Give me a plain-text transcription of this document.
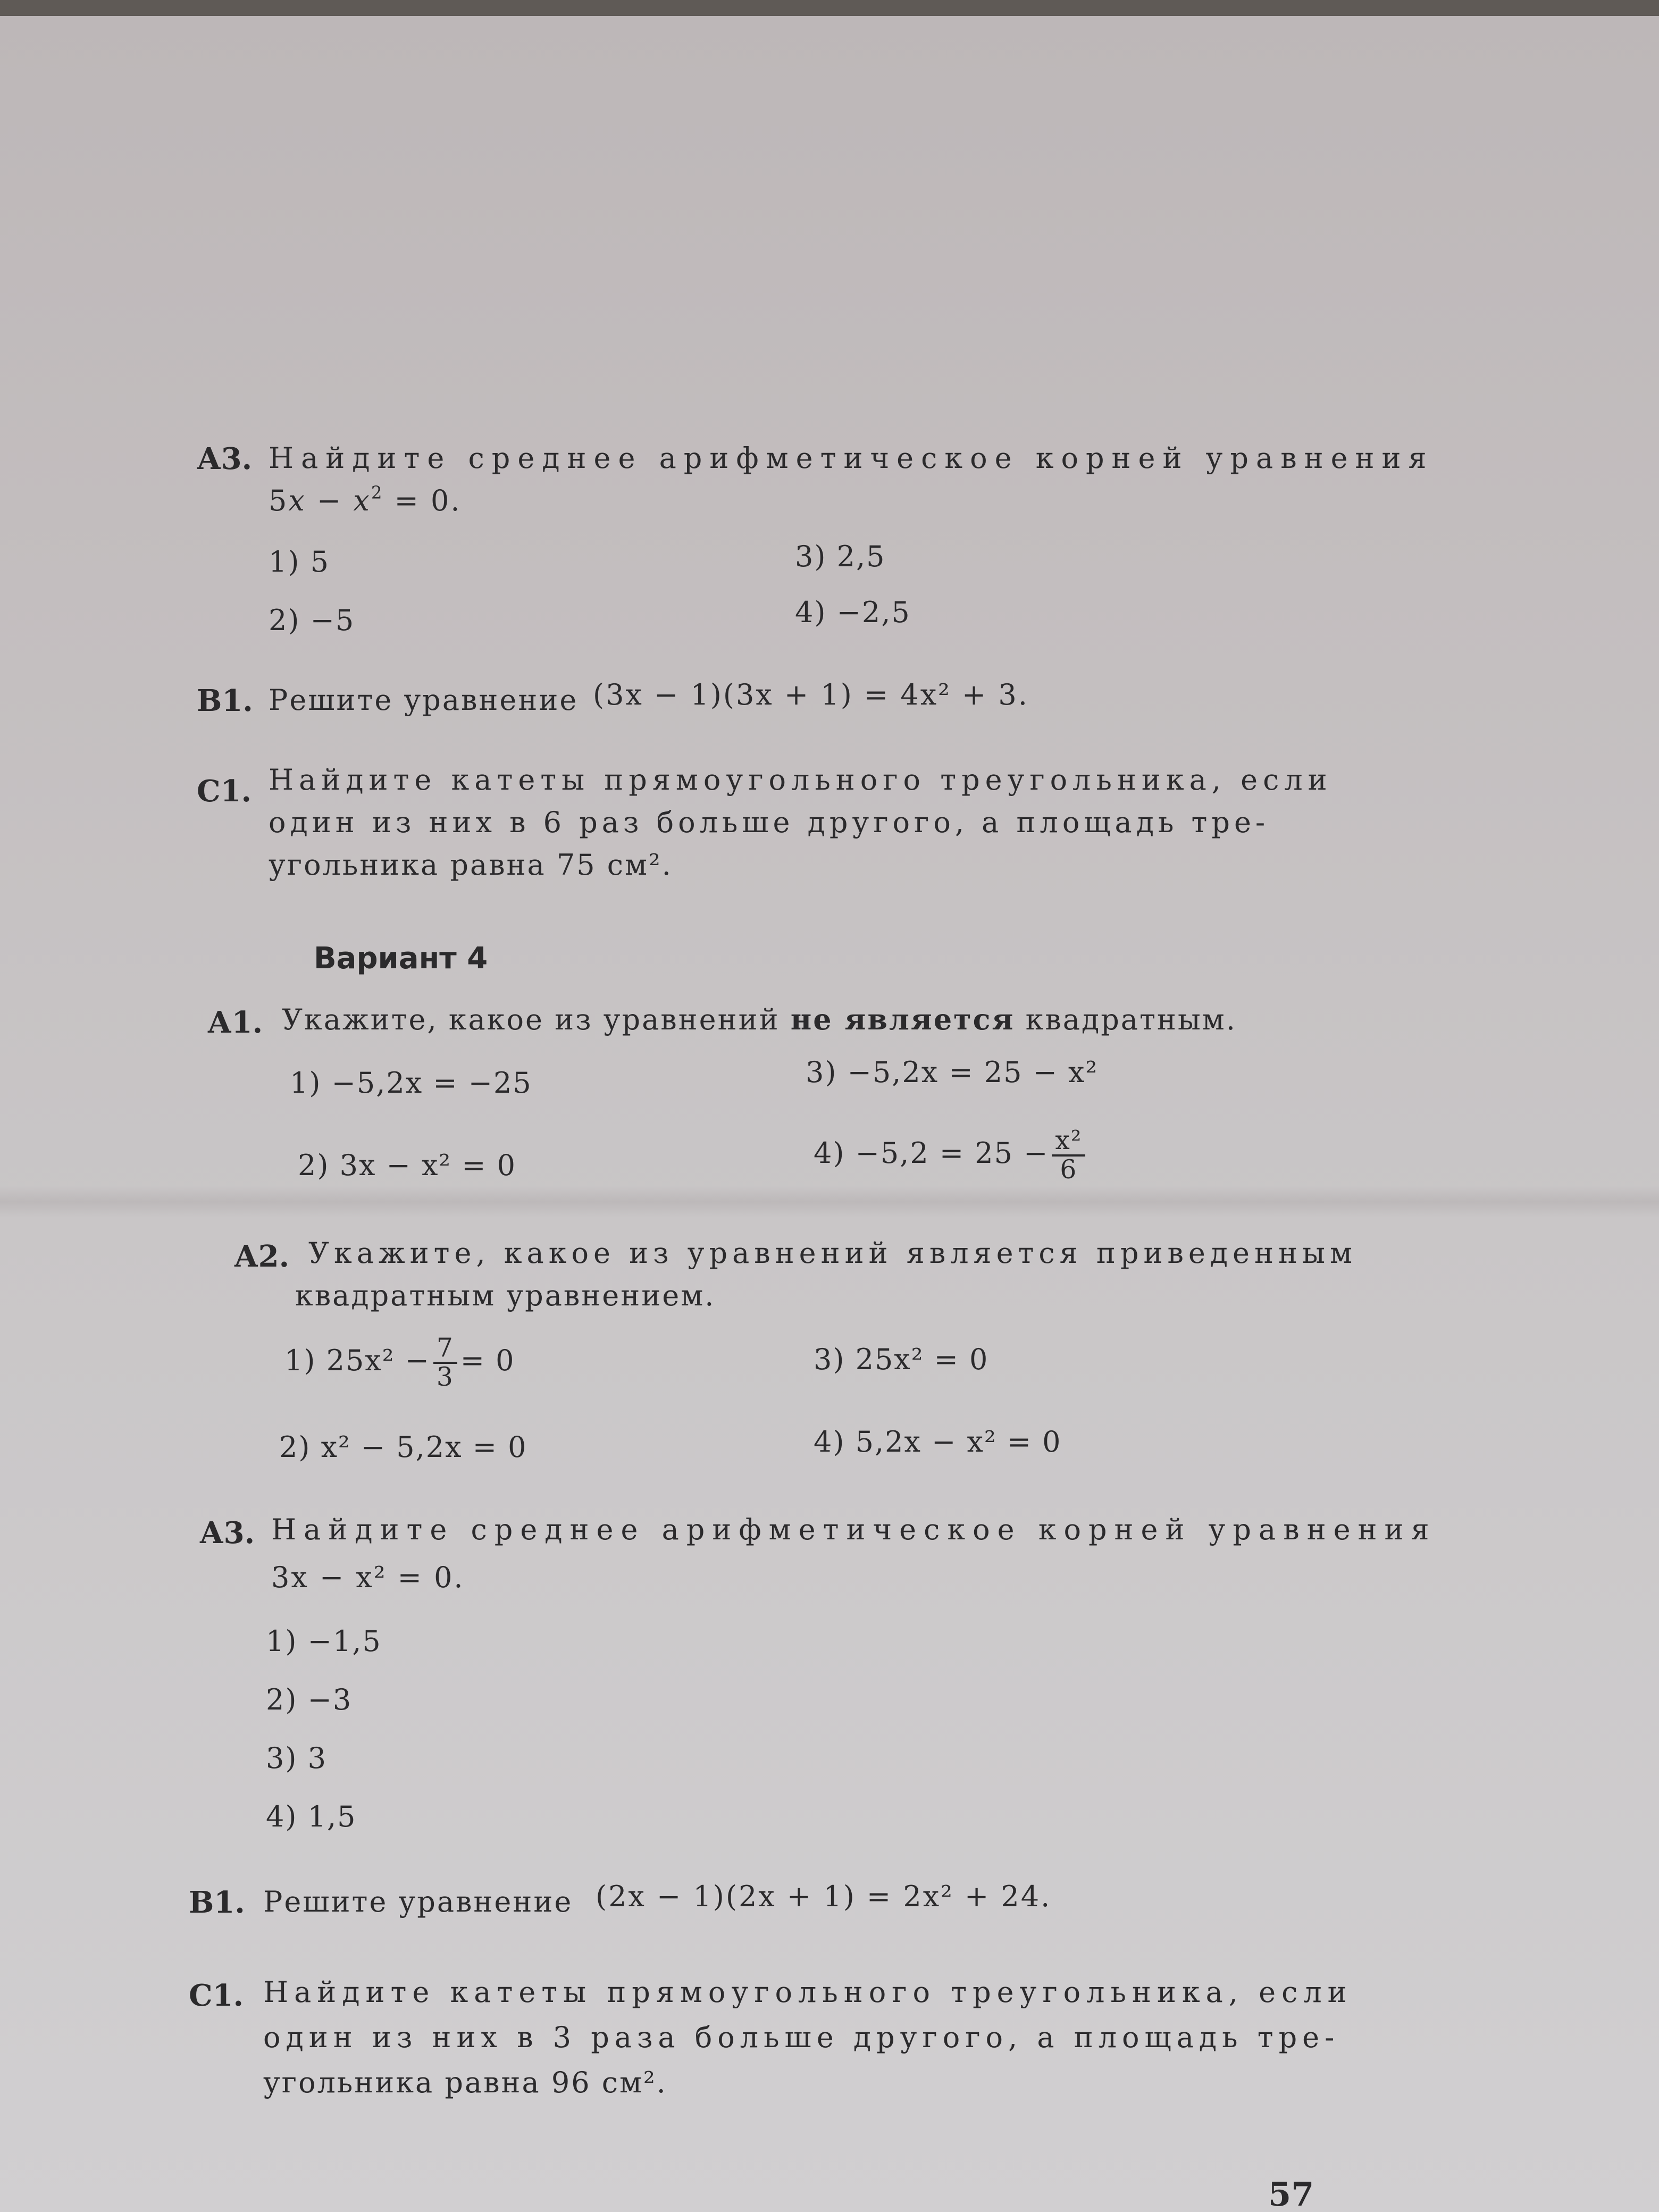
А3. Найдите среднее арифметическое корней уравнения
$5x - x^2 = 0$.
1) 5
2) −5
3) 2,5
4) −2,5
В1. Решите уравнение (3x − 1)(3x + 1) = 4x² + 3.
С1. Найдите катеты прямоугольного треугольника, если
один из них в 6 раз больше другого, а площадь тре-
угольника равна 75 см².
Вариант 4
А1. Укажите, какое из уравнений не является квадратным.
1) −5,2x = −25
2) 3x − x² = 0
3) −5,2x = 25 − x²
$4) -5,2 = 25 - \frac{\text{x²}}{6}$
А2. Укажите, какое из уравнений является приведенным
квадратным уравнением.
1) $25x^2 - \frac{7}{3} = 0$
2) x² − 5,2x = 0
3) 25x² = 0
4) 5,2x − x² = 0
А3. Найдите среднее арифметическое корней уравнения
3x − x² = 0.
1) −1,5
2) −3
3) 3
4) 1,5
В1. Решите уравнение (2x − 1)(2x + 1) = 2x² + 24.
С1. Найдите катеты прямоугольного треугольника, если
один из них в 3 раза больше другого, а площадь тре-
угольника равна 96 см².
57
